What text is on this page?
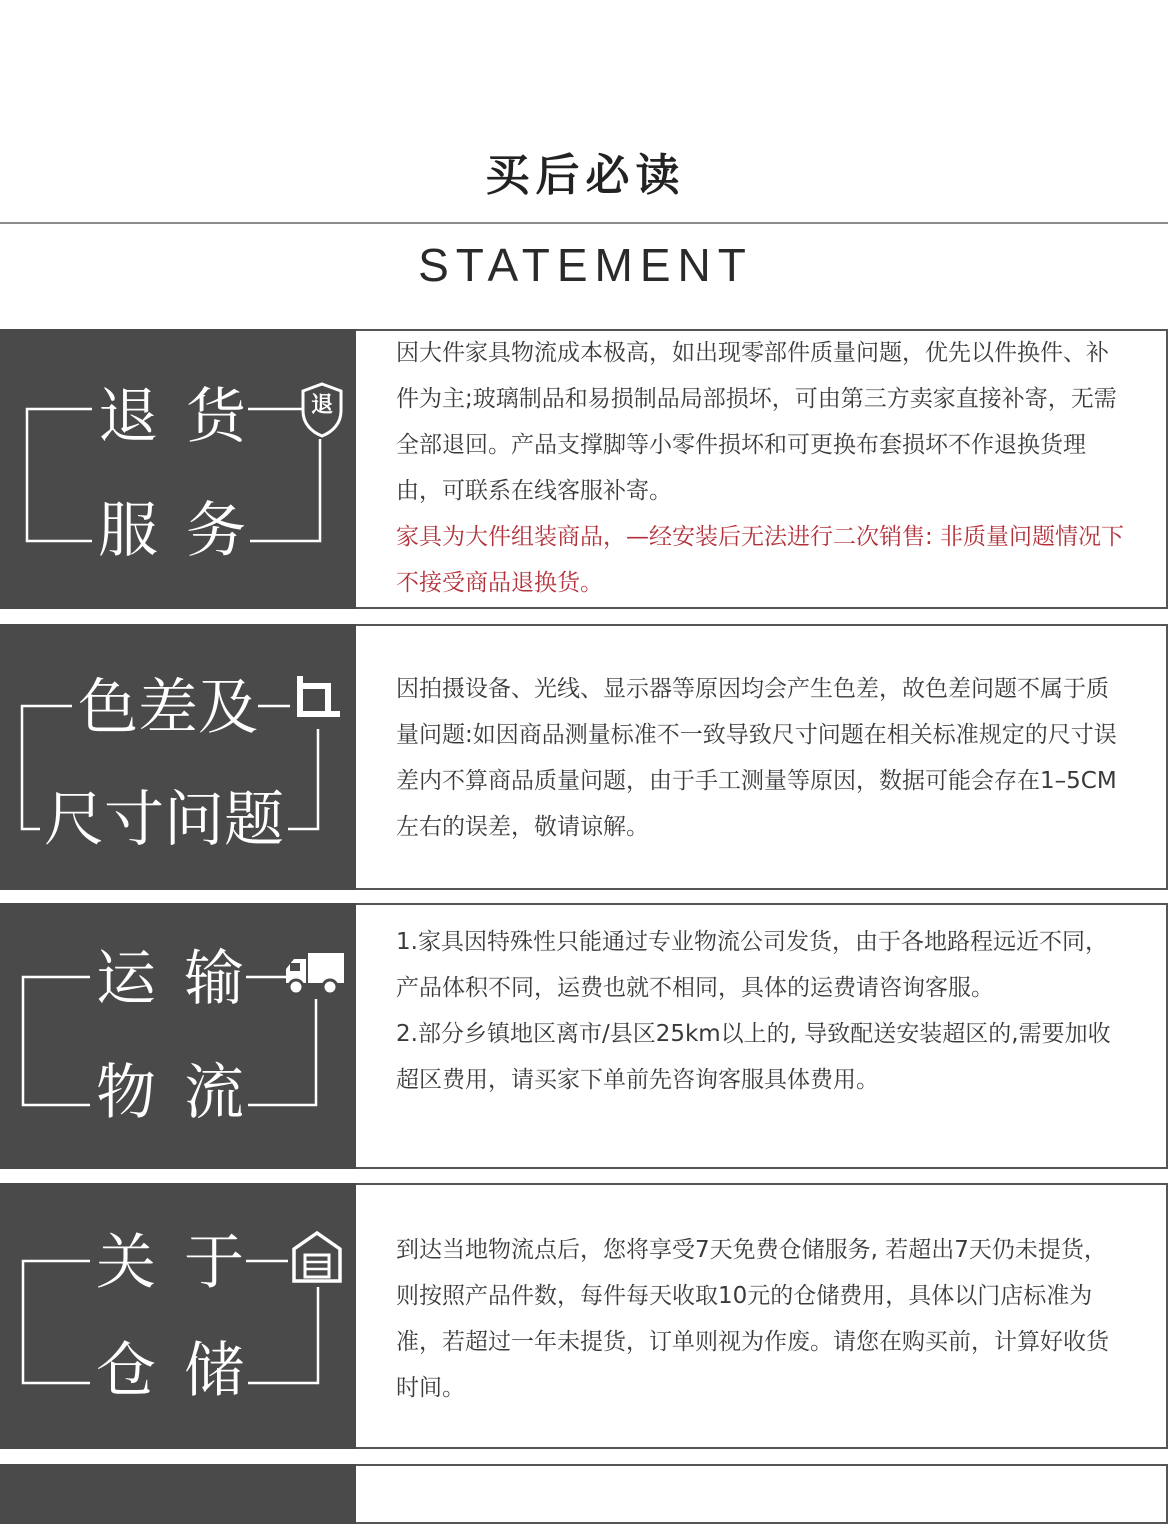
买后必读
STATEMENT
退 货
服 务
退

因大件家具物流成本极高，如出现零部件质量问题，优先以件换件、补件为主;玻璃制品和易损制品局部损坏，可由第三方卖家直接补寄，无需全部退回。产品支撑脚等小零件损坏和可更换布套损坏不作退换货理由，可联系在线客服补寄。

家具为大件组装商品，—经安装后无法进行二次销售: 非质量问题情况下不接受商品退换货。

色 差 及
尺 寸 问 题

因拍摄设备、光线、显示器等原因均会产生色差，故色差问题不属于质量问题:如因商品测量标准不一致导致尺寸问题在相关标准规定的尺寸误差内不算商品质量问题，由于手工测量等原因，数据可能会存在1–5CM左右的误差，敬请谅解。

运 输
物 流

1.家具因特殊性只能通过专业物流公司发货，由于各地路程远近不同，产品体积不同，运费也就不相同，具体的运费请咨询客服。

2.部分乡镇地区离市/县区25km以上的, 导致配送安装超区的,需要加收超区费用，请买家下单前先咨询客服具体费用。

关 于
仓 储

到达当地物流点后，您将享受7天免费仓储服务, 若超出7天仍未提货，则按照产品件数，每件每天收取10元的仓储费用，具体以门店标准为准，若超过一年未提货，订单则视为作废。请您在购买前，计算好收货时间。
